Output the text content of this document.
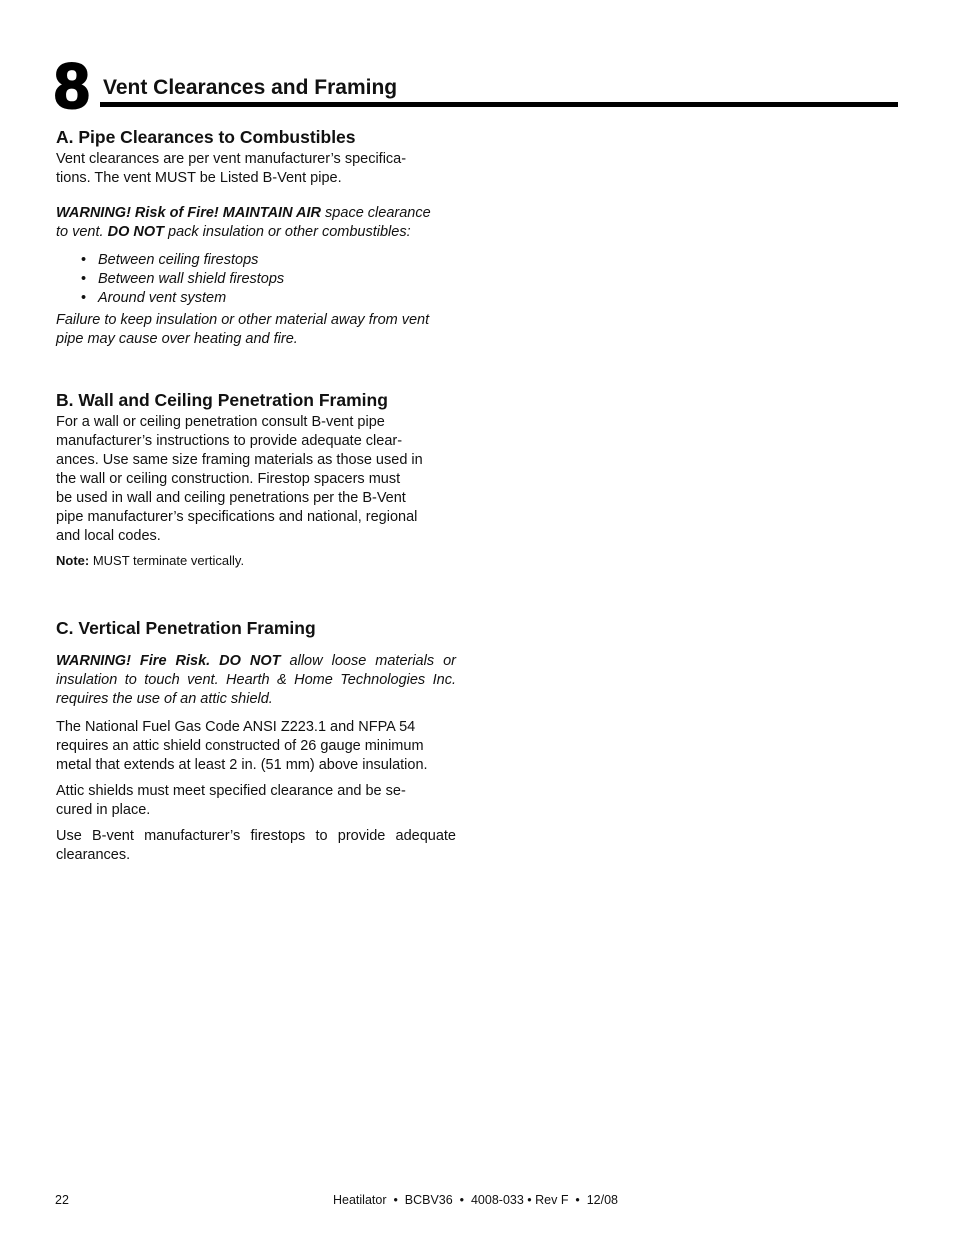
8 Vent Clearances and Framing
A. Pipe Clearances to Combustibles

Vent clearances are per vent manufacturer’s specifica-
tions. The vent MUST be Listed B-Vent pipe.

WARNING! Risk of Fire! MAINTAIN AIR space clearance
to vent. DO NOT pack insulation or other combustibles:

• Between ceiling firestops
• Between wall shield firestops
• Around vent system

Failure to keep insulation or other material away from vent
pipe may cause over heating and fire.

B. Wall and Ceiling Penetration Framing

For a wall or ceiling penetration consult B-vent pipe
manufacturer’s instructions to provide adequate clear-
ances. Use same size framing materials as those used in
the wall or ceiling construction. Firestop spacers must
be used in wall and ceiling penetrations per the B-Vent
pipe manufacturer’s specifications and national, regional
and local codes.

Note: MUST terminate vertically.

C. Vertical Penetration Framing

WARNING! Fire Risk. DO NOT allow loose materials or insulation to touch vent. Hearth & Home Technologies Inc. requires the use of an attic shield.

The National Fuel Gas Code ANSI Z223.1 and NFPA 54
requires an attic shield constructed of 26 gauge minimum
metal that extends at least 2 in. (51 mm) above insulation.

Attic shields must meet specified clearance and be se-
cured in place.

Use B-vent manufacturer’s firestops to provide adequate clearances.

22	Heatilator  •  BCBV36  •  4008-033 • Rev F  •  12/08
